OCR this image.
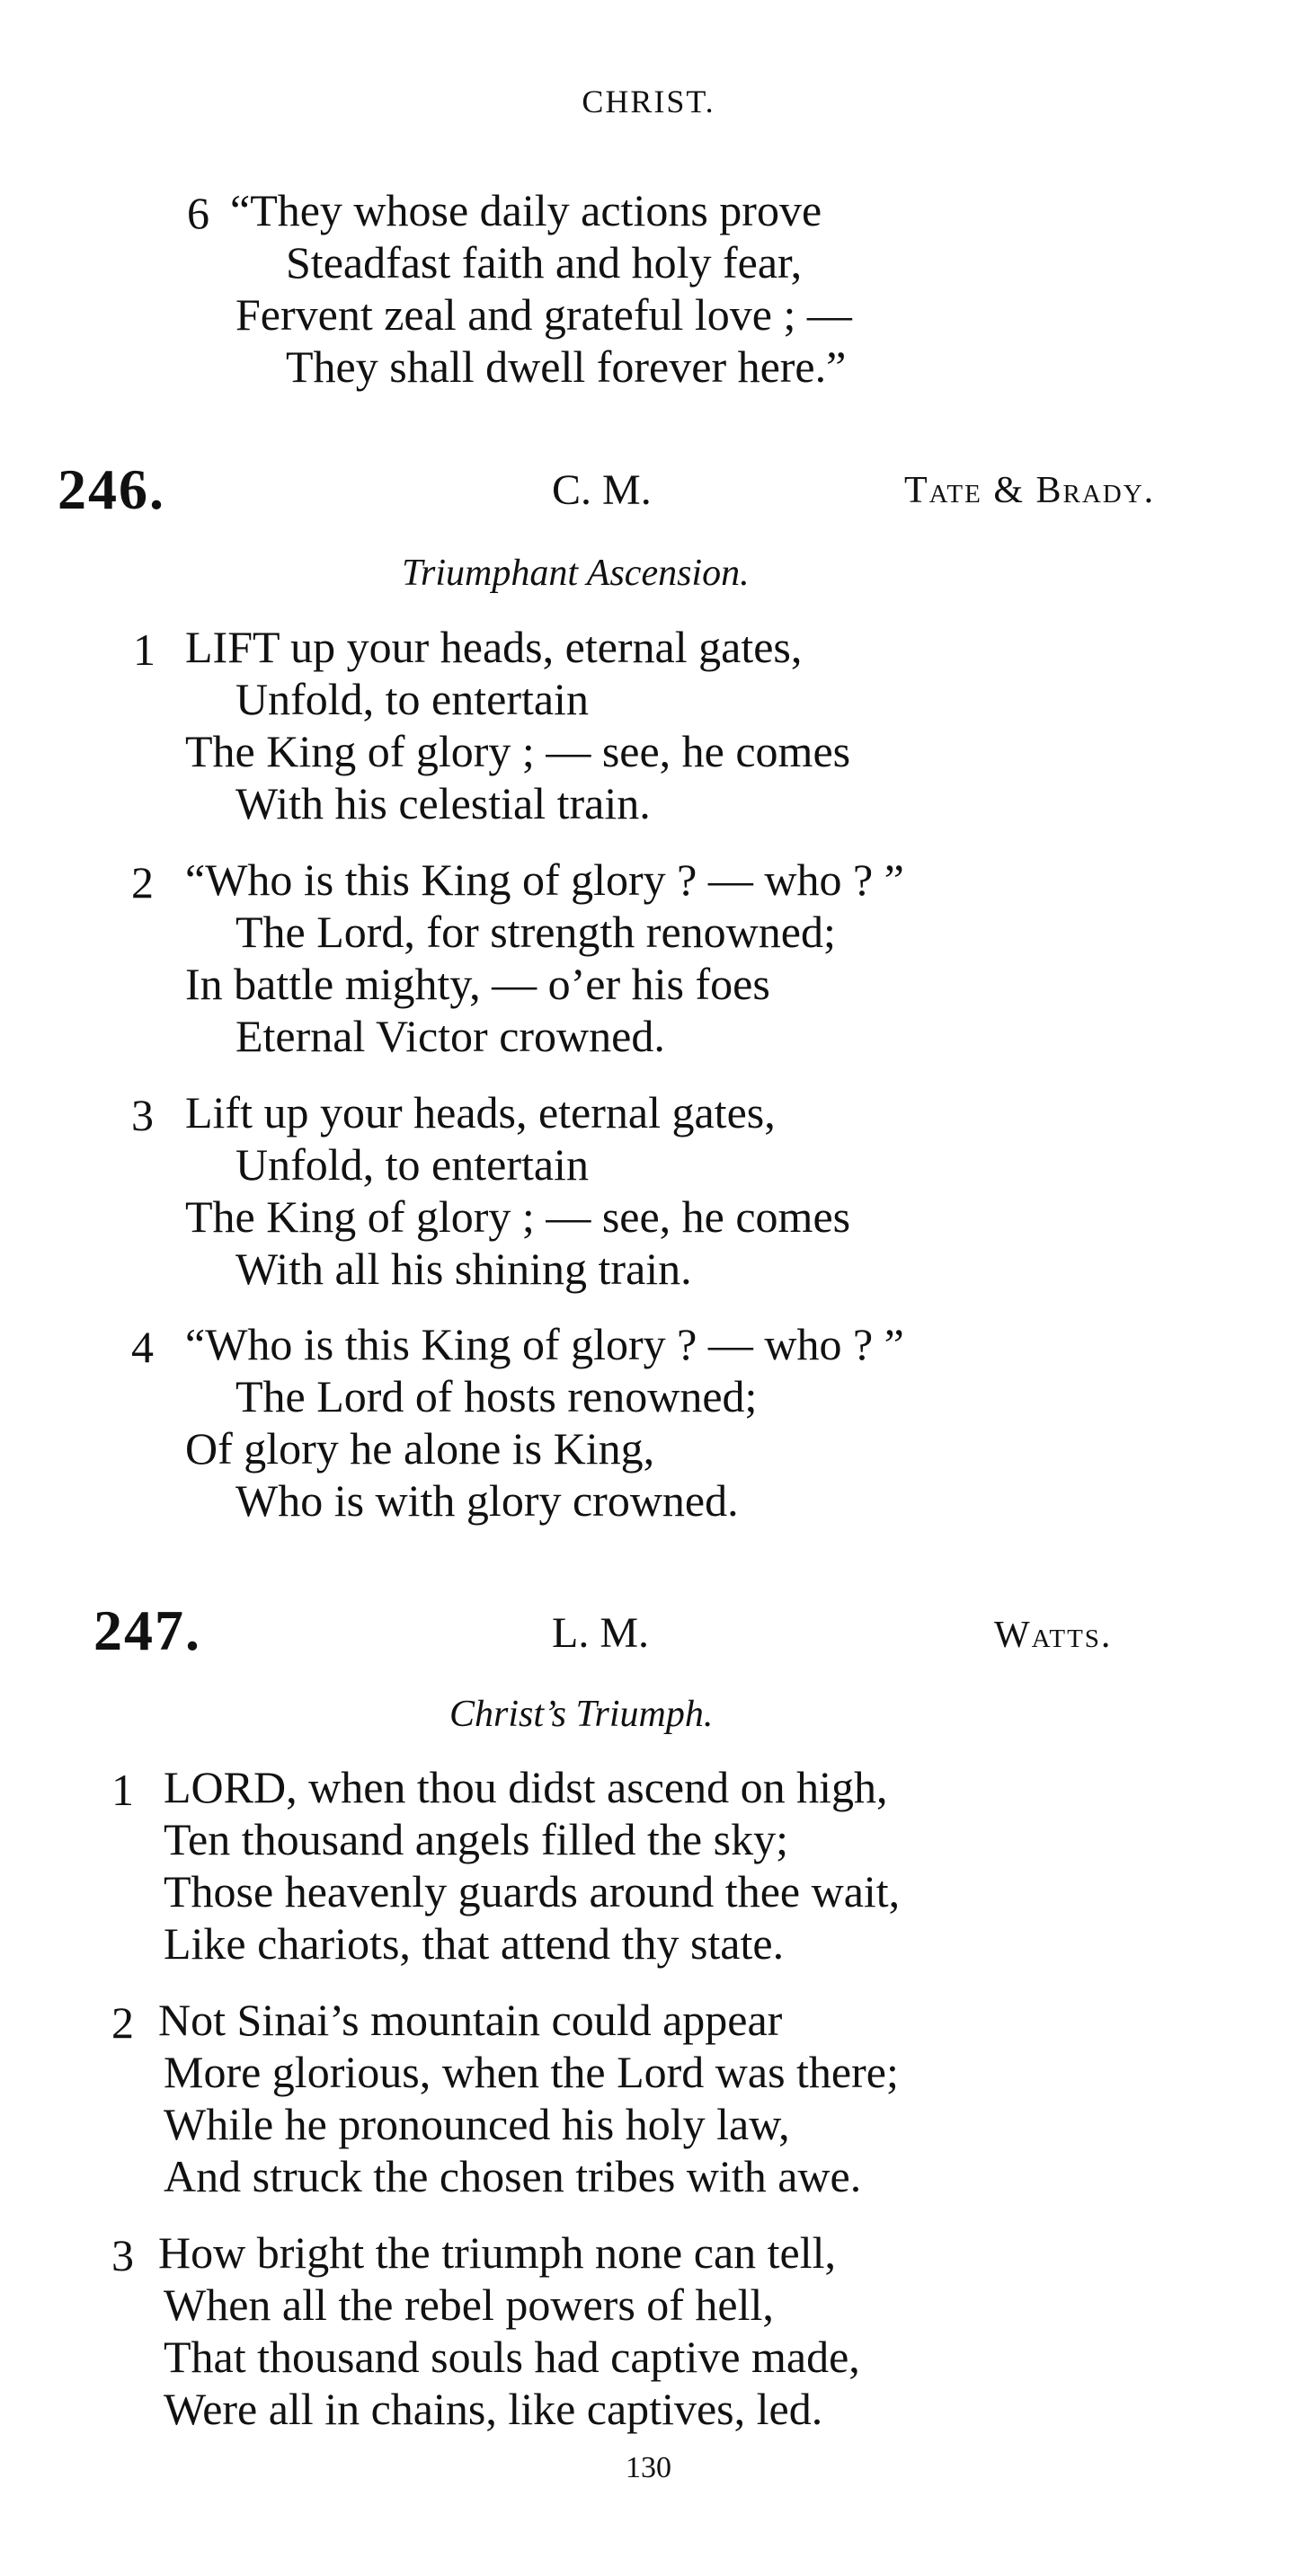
CHRIST.
6 “They whose daily actions prove
Steadfast faith and holy fear,
Fervent zeal and grateful love ; —
They shall dwell forever here.”
246.	C. M.	Tate & Brady.
Triumphant Ascension.
1 LIFT up your heads, eternal gates,
Unfold, to entertain
The King of glory ; — see, he comes
With his celestial train.
2 “Who is this King of glory ? — who ? ”
The Lord, for strength renowned;
In battle mighty, — o’er his foes
Eternal Victor crowned.
3 Lift up your heads, eternal gates,
Unfold, to entertain
The King of glory ; — see, he comes
With all his shining train.
4 “Who is this King of glory ? — who ? ”
The Lord of hosts renowned;
Of glory he alone is King,
Who is with glory crowned.
247.	L. M.	Watts.
Christ’s Triumph.
1 LORD, when thou didst ascend on high,
Ten thousand angels filled the sky;
Those heavenly guards around thee wait,
Like chariots, that attend thy state.
2 Not Sinai’s mountain could appear
More glorious, when the Lord was there;
While he pronounced his holy law,
And struck the chosen tribes with awe.
3 How bright the triumph none can tell,
When all the rebel powers of hell,
That thousand souls had captive made,
Were all in chains, like captives, led.
130
